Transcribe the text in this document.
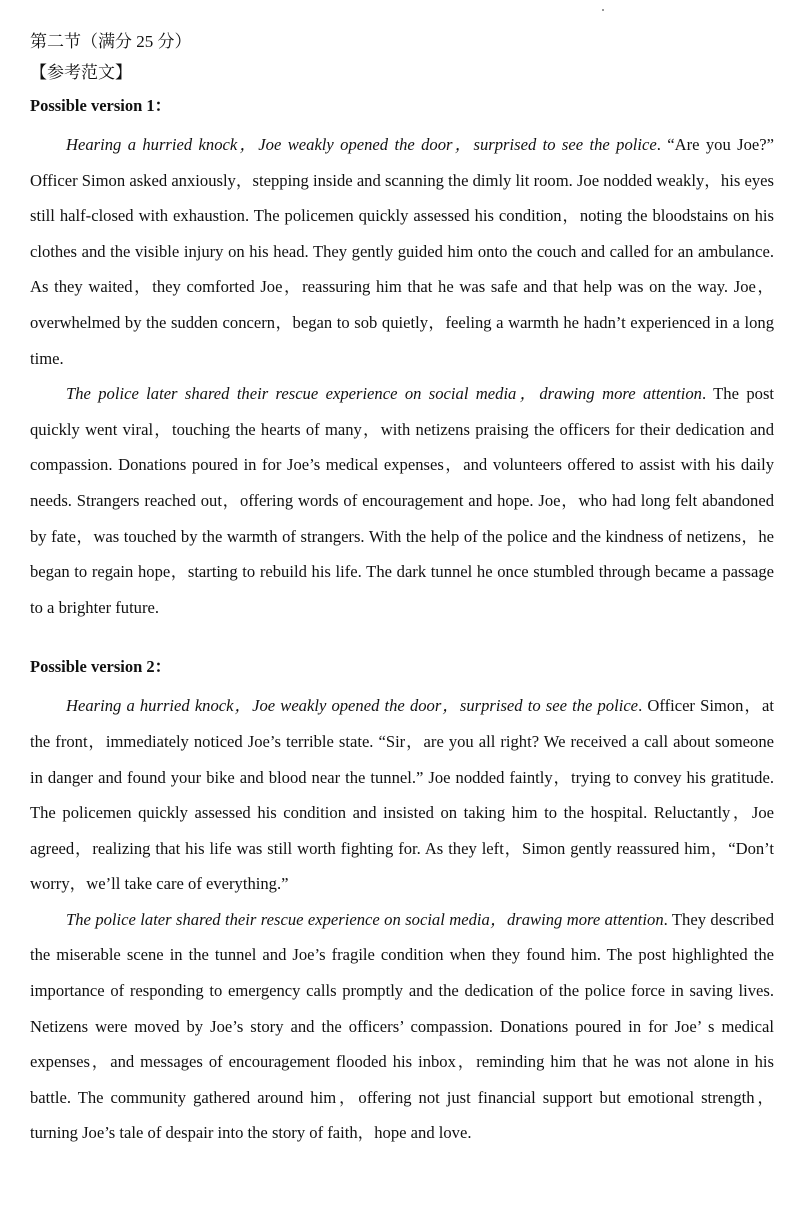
第二节（满分 25 分）
【参考范文】
Possible version 1：

Hearing a hurried knock，Joe weakly opened the door，surprised to see the police. “Are you Joe?” Officer Simon asked anxiously，stepping inside and scanning the dimly lit room. Joe nodded weakly，his eyes still half-closed with exhaustion. The policemen quickly assessed his condition，noting the bloodstains on his clothes and the visible injury on his head. They gently guided him onto the couch and called for an ambulance. As they waited，they comforted Joe，reassuring him that he was safe and that help was on the way. Joe，overwhelmed by the sudden concern，began to sob quietly，feeling a warmth he hadn’t experienced in a long time.

The police later shared their rescue experience on social media，drawing more attention. The post quickly went viral，touching the hearts of many，with netizens praising the officers for their dedication and compassion. Donations poured in for Joe’s medical expenses，and volunteers offered to assist with his daily needs. Strangers reached out，offering words of encouragement and hope. Joe，who had long felt abandoned by fate，was touched by the warmth of strangers. With the help of the police and the kindness of netizens，he began to regain hope，starting to rebuild his life. The dark tunnel he once stumbled through became a passage to a brighter future.

Possible version 2：

Hearing a hurried knock，Joe weakly opened the door，surprised to see the police. Officer Simon，at the front，immediately noticed Joe’s terrible state. “Sir，are you all right? We received a call about someone in danger and found your bike and blood near the tunnel.” Joe nodded faintly，trying to convey his gratitude. The policemen quickly assessed his condition and insisted on taking him to the hospital. Reluctantly，Joe agreed，realizing that his life was still worth fighting for. As they left，Simon gently reassured him，“Don’t worry，we’ll take care of everything.”

The police later shared their rescue experience on social media，drawing more attention. They described the miserable scene in the tunnel and Joe’s fragile condition when they found him. The post highlighted the importance of responding to emergency calls promptly and the dedication of the police force in saving lives. Netizens were moved by Joe’s story and the officers’ compassion. Donations poured in for Joe’ s medical expenses，and messages of encouragement flooded his inbox，reminding him that he was not alone in his battle. The community gathered around him，offering not just financial support but emotional strength，turning Joe’s tale of despair into the story of faith，hope and love.
